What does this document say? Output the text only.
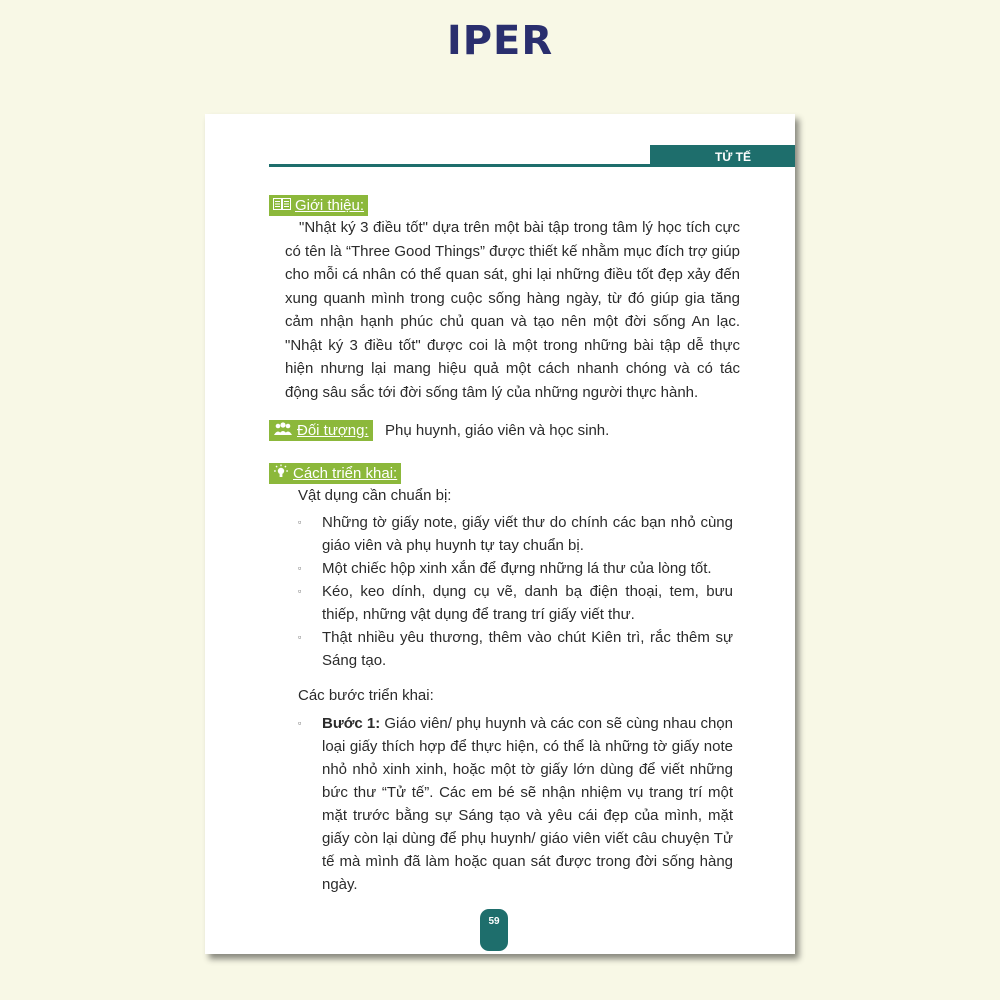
IPER
TỬ TẾ
Giới thiệu:
"Nhật ký 3 điều tốt" dựa trên một bài tập trong tâm lý học tích cực có tên là “Three Good Things” được thiết kế nhằm mục đích trợ giúp cho mỗi cá nhân có thể quan sát, ghi lại những điều tốt đẹp xảy đến xung quanh mình trong cuộc sống hàng ngày, từ đó giúp gia tăng cảm nhận hạnh phúc chủ quan và tạo nên một đời sống An lạc. "Nhật ký 3 điều tốt" được coi là một trong những bài tập dễ thực hiện nhưng lại mang hiệu quả một cách nhanh chóng và có tác động sâu sắc tới đời sống tâm lý của những người thực hành.
Đối tượng: Phụ huynh, giáo viên và học sinh.
Cách triển khai:
Vật dụng cần chuẩn bị:
▫ Những tờ giấy note, giấy viết thư do chính các bạn nhỏ cùng giáo viên và phụ huynh tự tay chuẩn bị.
▫ Một chiếc hộp xinh xắn để đựng những lá thư của lòng tốt.
▫ Kéo, keo dính, dụng cụ vẽ, danh bạ điện thoại, tem, bưu thiếp, những vật dụng để trang trí giấy viết thư.
▫ Thật nhiều yêu thương, thêm vào chút Kiên trì, rắc thêm sự Sáng tạo.
Các bước triển khai:
▫ Bước 1: Giáo viên/ phụ huynh và các con sẽ cùng nhau chọn loại giấy thích hợp để thực hiện, có thể là những tờ giấy note nhỏ nhỏ xinh xinh, hoặc một tờ giấy lớn dùng để viết những bức thư “Tử tế”. Các em bé sẽ nhận nhiệm vụ trang trí một mặt trước bằng sự Sáng tạo và yêu cái đẹp của mình, mặt giấy còn lại dùng để phụ huynh/ giáo viên viết câu chuyện Tử tế mà mình đã làm hoặc quan sát được trong đời sống hàng ngày.
59
